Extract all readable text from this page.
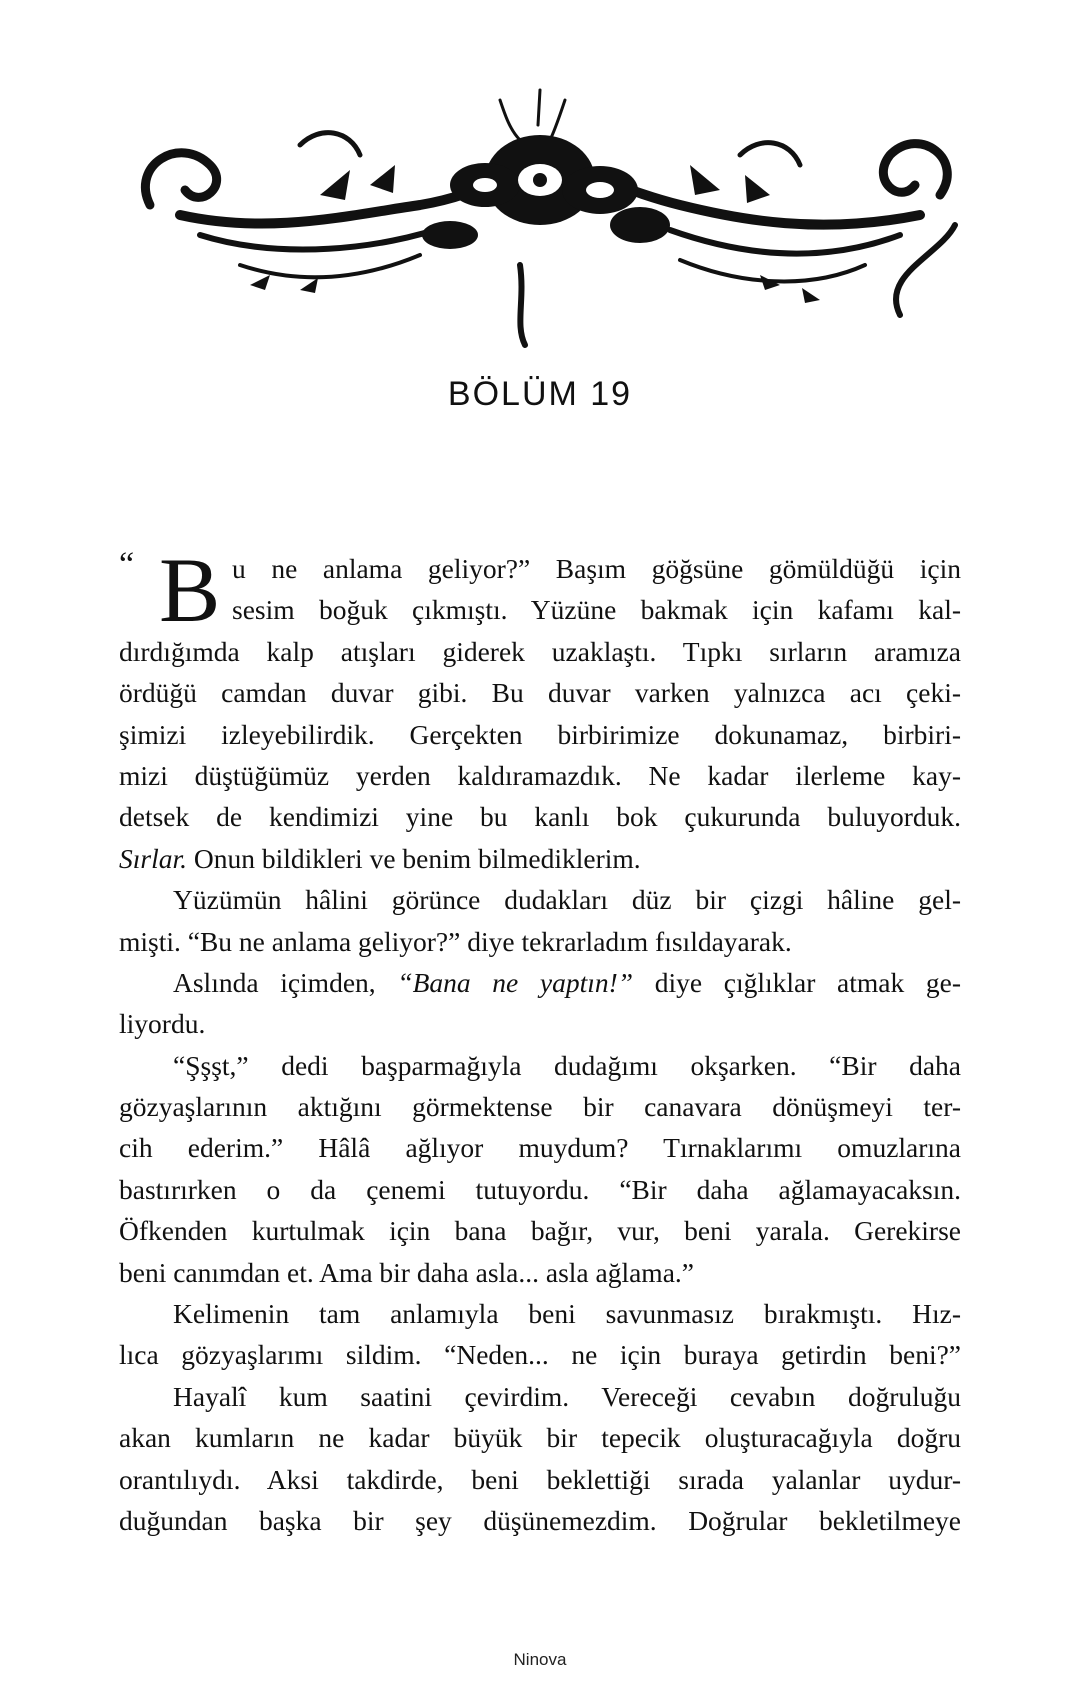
BÖLÜM 19
“ B u ne anlama geliyor?” Başım göğsüne gömüldüğü için
sesim boğuk çıkmıştı. Yüzüne bakmak için kafamı kal-
dırdığımda kalp atışları giderek uzaklaştı. Tıpkı sırların aramıza
ördüğü camdan duvar gibi. Bu duvar varken yalnızca acı çeki-
şimizi izleyebilirdik. Gerçekten birbirimize dokunamaz, birbiri-
mizi düştüğümüz yerden kaldıramazdık. Ne kadar ilerleme kay-
detsek de kendimizi yine bu kanlı bok çukurunda buluyorduk.
Sırlar. Onun bildikleri ve benim bilmediklerim.
Yüzümün hâlini görünce dudakları düz bir çizgi hâline gel-
mişti. “Bu ne anlama geliyor?” diye tekrarladım fısıldayarak.
Aslında içimden, “Bana ne yaptın!” diye çığlıklar atmak ge-
liyordu.
“Şşşt,” dedi başparmağıyla dudağımı okşarken. “Bir daha
gözyaşlarının aktığını görmektense bir canavara dönüşmeyi ter-
cih ederim.” Hâlâ ağlıyor muydum? Tırnaklarımı omuzlarına
bastırırken o da çenemi tutuyordu. “Bir daha ağlamayacaksın.
Öfkenden kurtulmak için bana bağır, vur, beni yarala. Gerekirse
beni canımdan et. Ama bir daha asla... asla ağlama.”
Kelimenin tam anlamıyla beni savunmasız bırakmıştı. Hız-
lıca gözyaşlarımı sildim. “Neden... ne için buraya getirdin beni?”
Hayalî kum saatini çevirdim. Vereceği cevabın doğruluğu
akan kumların ne kadar büyük bir tepecik oluşturacağıyla doğru
orantılıydı. Aksi takdirde, beni beklettiği sırada yalanlar uydur-
duğundan başka bir şey düşünemezdim. Doğrular bekletilmeye
Ninova
